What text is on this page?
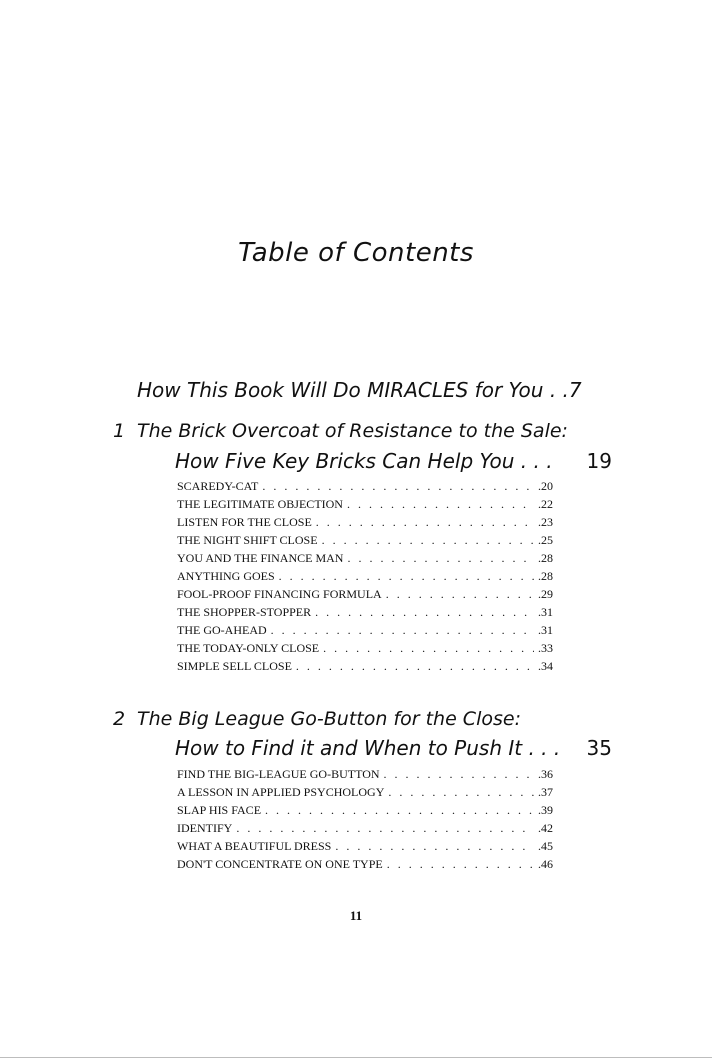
Table of Contents
How This Book Will Do MIRACLES for You . .7
1 The Brick Overcoat of Resistance to the Sale:
How Five Key Bricks Can Help You . . . 19
SCAREDY-CAT . . .	.20
THE LEGITIMATE OBJECTION . . .	.22
LISTEN FOR THE CLOSE . . .	.23
THE NIGHT SHIFT CLOSE . . .	.25
YOU AND THE FINANCE MAN . . .	.28
ANYTHING GOES . . .	.28
FOOL-PROOF FINANCING FORMULA . . .	.29
THE SHOPPER-STOPPER . . .	.31
THE GO-AHEAD . . .	.31
THE TODAY-ONLY CLOSE . . .	.33
SIMPLE SELL CLOSE . . .	.34
2 The Big League Go-Button for the Close:
How to Find it and When to Push It . . . 35
FIND THE BIG-LEAGUE GO-BUTTON . . .	.36
A LESSON IN APPLIED PSYCHOLOGY . . .	.37
SLAP HIS FACE . . .	.39
IDENTIFY . . .	.42
WHAT A BEAUTIFUL DRESS . . .	.45
DON'T CONCENTRATE ON ONE TYPE . . .	.46
11
